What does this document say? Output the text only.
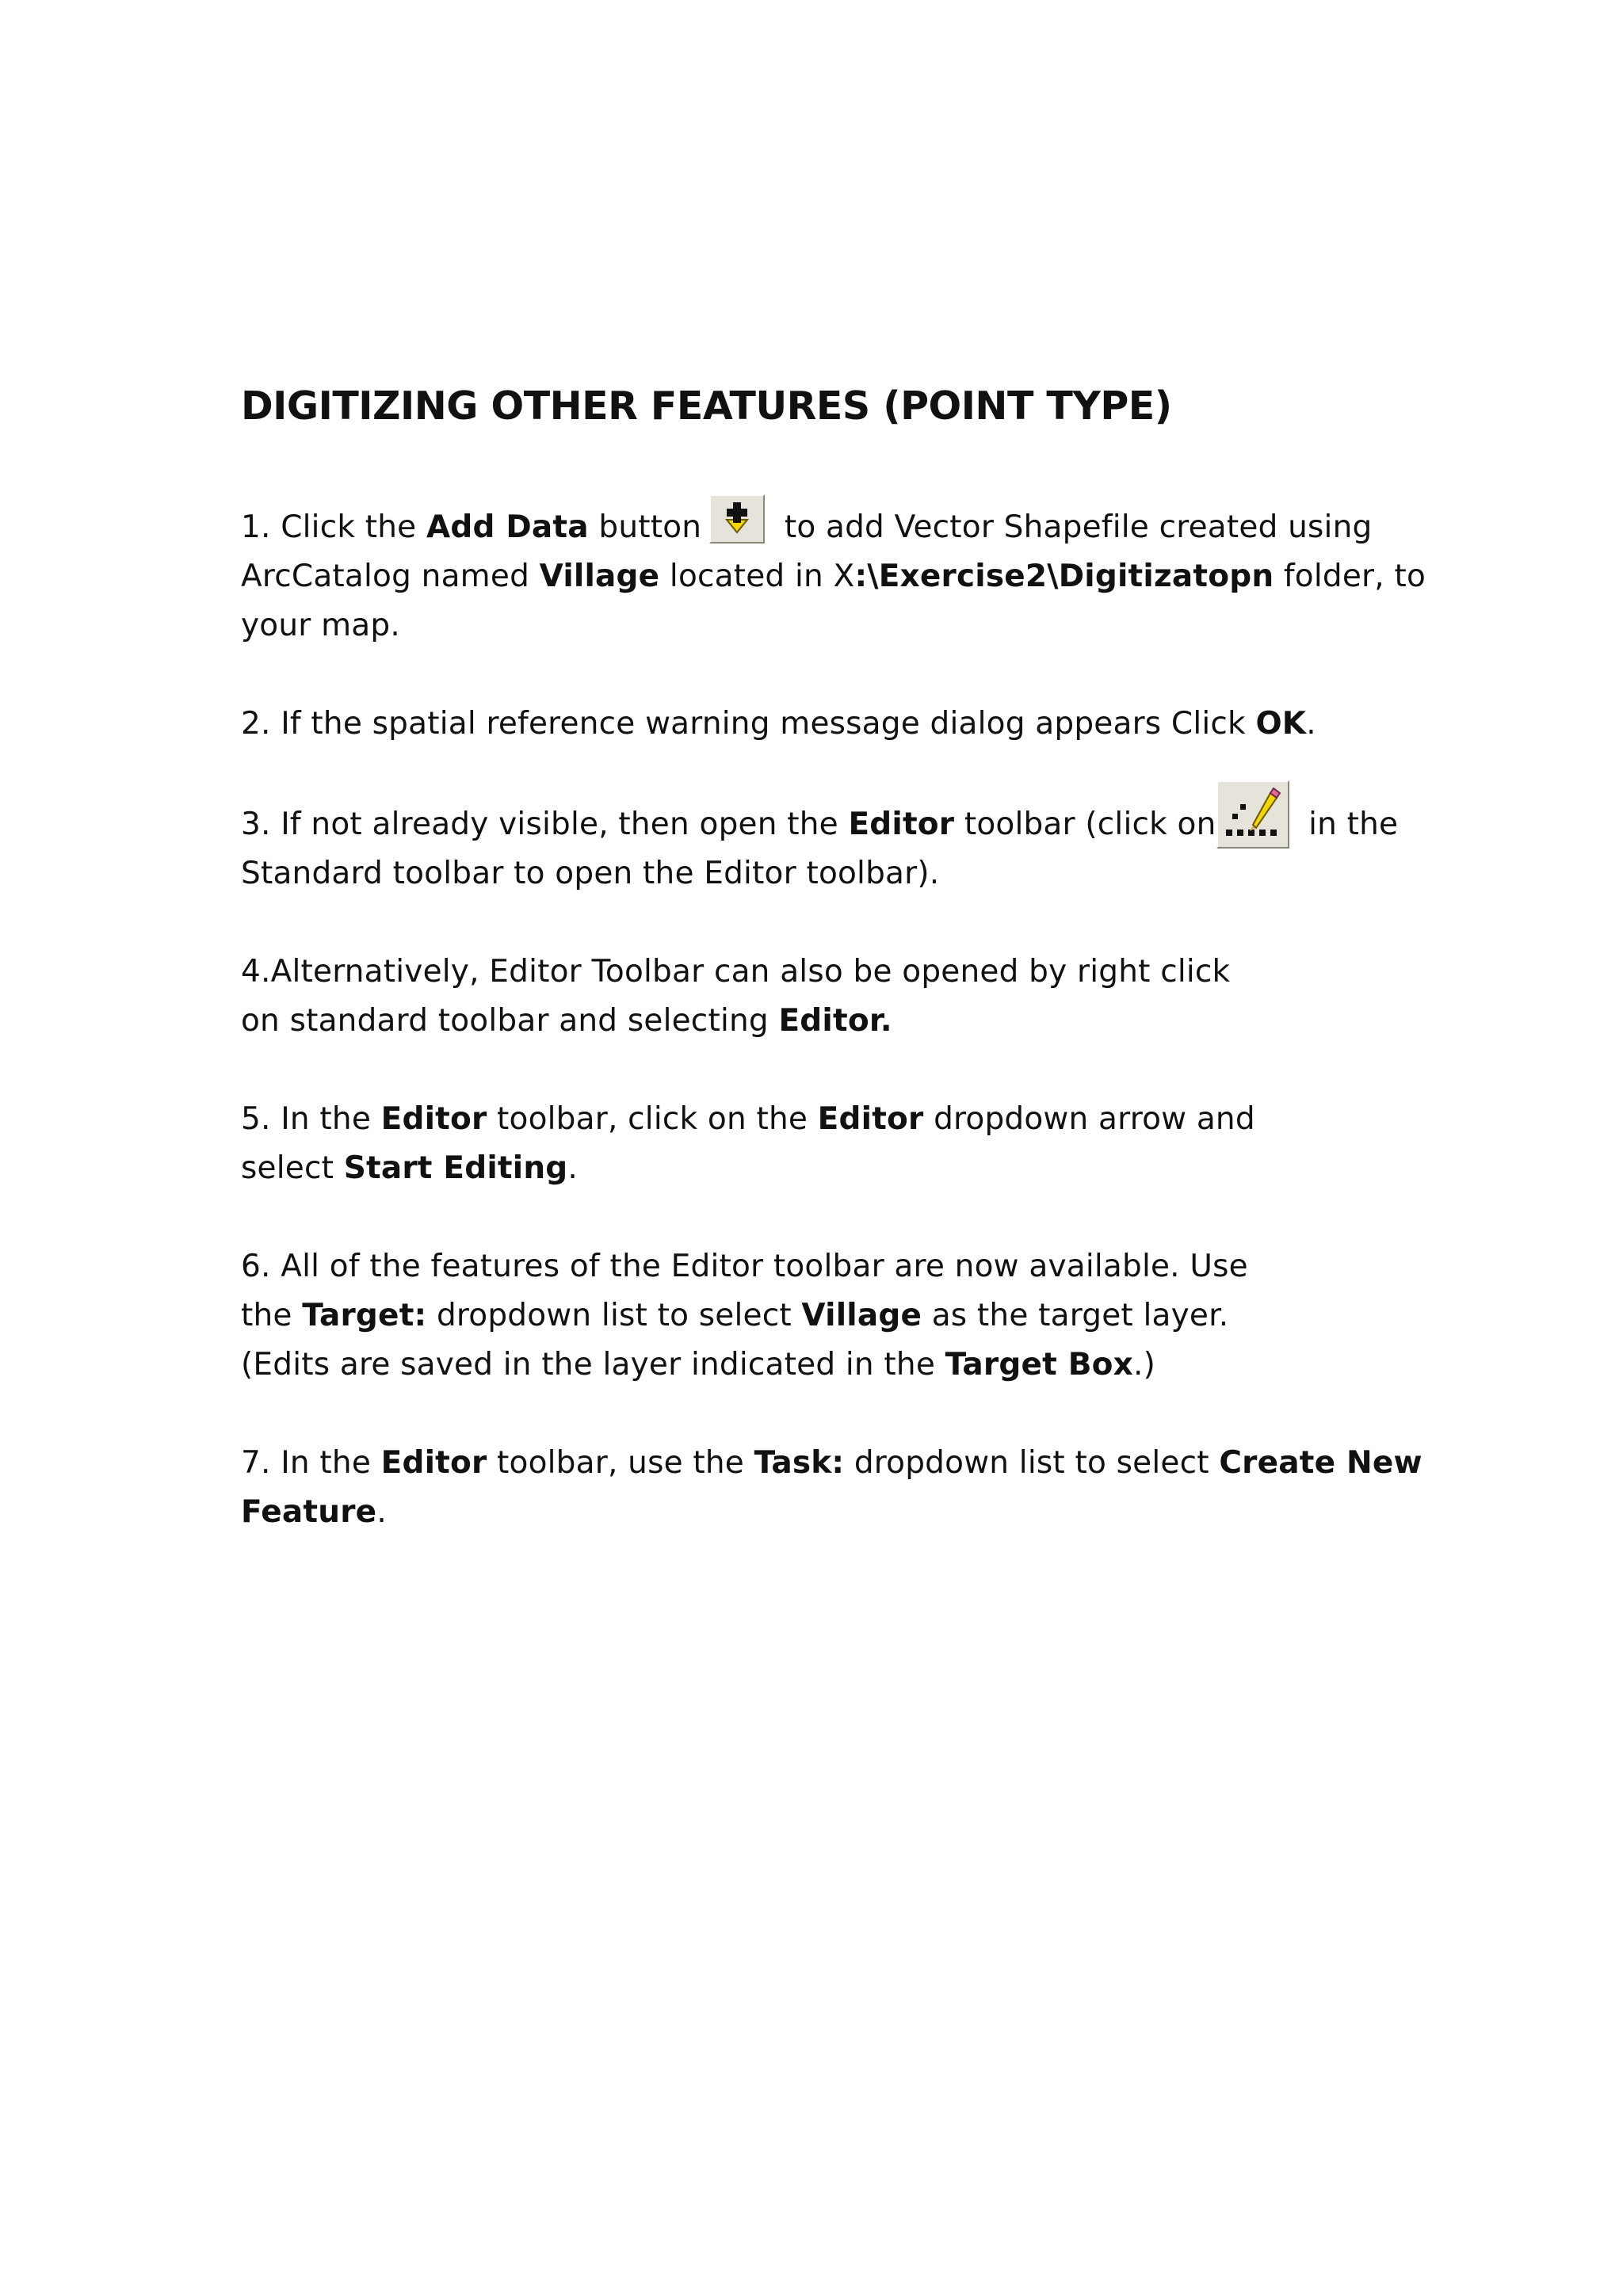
DIGITIZING OTHER FEATURES (POINT TYPE)

1. Click the Add Data button
to add Vector Shapefile created using
ArcCatalog named Village located in X:\Exercise2\Digitizatopn folder, to
your map.

2. If the spatial reference warning message dialog appears Click OK.

3. If not already visible, then open the Editor toolbar (click on	in the
Standard toolbar to open the Editor toolbar).

4.Alternatively, Editor Toolbar can also be opened by right click
on standard toolbar and selecting Editor.

5. In the Editor toolbar, click on the Editor dropdown arrow and
select Start Editing.

6. All of the features of the Editor toolbar are now available. Use
the Target: dropdown list to select Village as the target layer.
(Edits are saved in the layer indicated in the Target Box.)

7. In the Editor toolbar, use the Task: dropdown list to select Create New
Feature.
